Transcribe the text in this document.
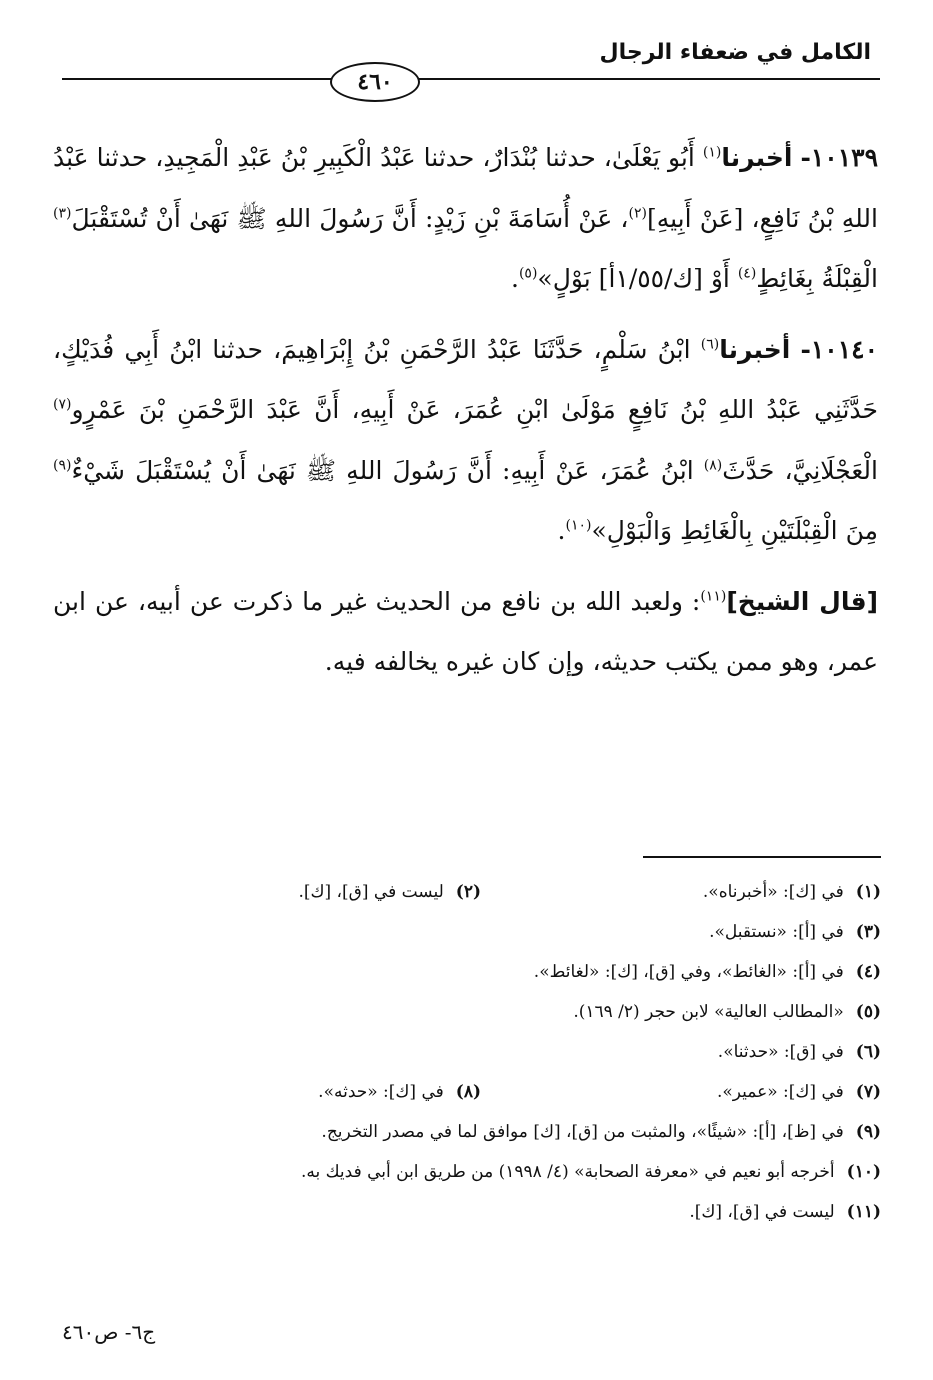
الكامل في ضعفاء الرجال
٤٦٠

١٠١٣٩- أخبرنا$^{(١)}$ أَبُو يَعْلَىٰ، حدثنا بُنْدَارٌ، حدثنا عَبْدُ الْكَبِيرِ بْنُ عَبْدِ الْمَجِيدِ، حدثنا عَبْدُ اللهِ بْنُ نَافِعٍ، [عَنْ أَبِيهِ]$^{(٢)}$، عَنْ أُسَامَةَ بْنِ زَيْدٍ: أَنَّ رَسُولَ اللهِ ﷺ نَهَىٰ أَنْ تُسْتَقْبَلَ$^{(٣)}$ الْقِبْلَةُ بِغَائِطٍ$^{(٤)}$ أَوْ [ك/١/٥٥أ] بَوْلٍ»$^{(٥)}$.

١٠١٤٠- أخبرنا$^{(٦)}$ ابْنُ سَلْمٍ، حَدَّثَنَا عَبْدُ الرَّحْمَنِ بْنُ إِبْرَاهِيمَ، حدثنا ابْنُ أَبِي فُدَيْكٍ، حَدَّثَنِي عَبْدُ اللهِ بْنُ نَافِعٍ مَوْلَىٰ ابْنِ عُمَرَ، عَنْ أَبِيهِ، أَنَّ عَبْدَ الرَّحْمَنِ بْنَ عَمْرٍو$^{(٧)}$ الْعَجْلَانِيَّ، حَدَّثَ$^{(٨)}$ ابْنُ عُمَرَ، عَنْ أَبِيهِ: أَنَّ رَسُولَ اللهِ ﷺ نَهَىٰ أَنْ يُسْتَقْبَلَ شَيْءٌ$^{(٩)}$ مِنَ الْقِبْلَتَيْنِ بِالْغَائِطِ وَالْبَوْلِ»$^{(١٠)}$.

[قال الشيخ]$^{(١١)}$: ولعبد الله بن نافع من الحديث غير ما ذكرت عن أبيه، عن ابن عمر، وهو ممن يكتب حديثه، وإن كان غيره يخالفه فيه.

(١)في [ك]: «أخبرناه».
(٢)ليست في [ق]، [ك].
(٣)في [أ]: «نستقبل».
(٤)في [أ]: «الغائط»، وفي [ق]، [ك]: «لغائط».
(٥)«المطالب العالية» لابن حجر (٢/ ١٦٩).
(٦)في [ق]: «حدثنا».
(٧)في [ك]: «عمير».
(٨)في [ك]: «حدثه».
(٩)في [ظ]، [أ]: «شيئًا»، والمثبت من [ق]، [ك] موافق لما في مصدر التخريج.
(١٠)أخرجه أبو نعيم في «معرفة الصحابة» (٤/ ١٩٩٨) من طريق ابن أبي فديك به.
(١١)ليست في [ق]، [ك].
ج٦- ص٤٦٠
